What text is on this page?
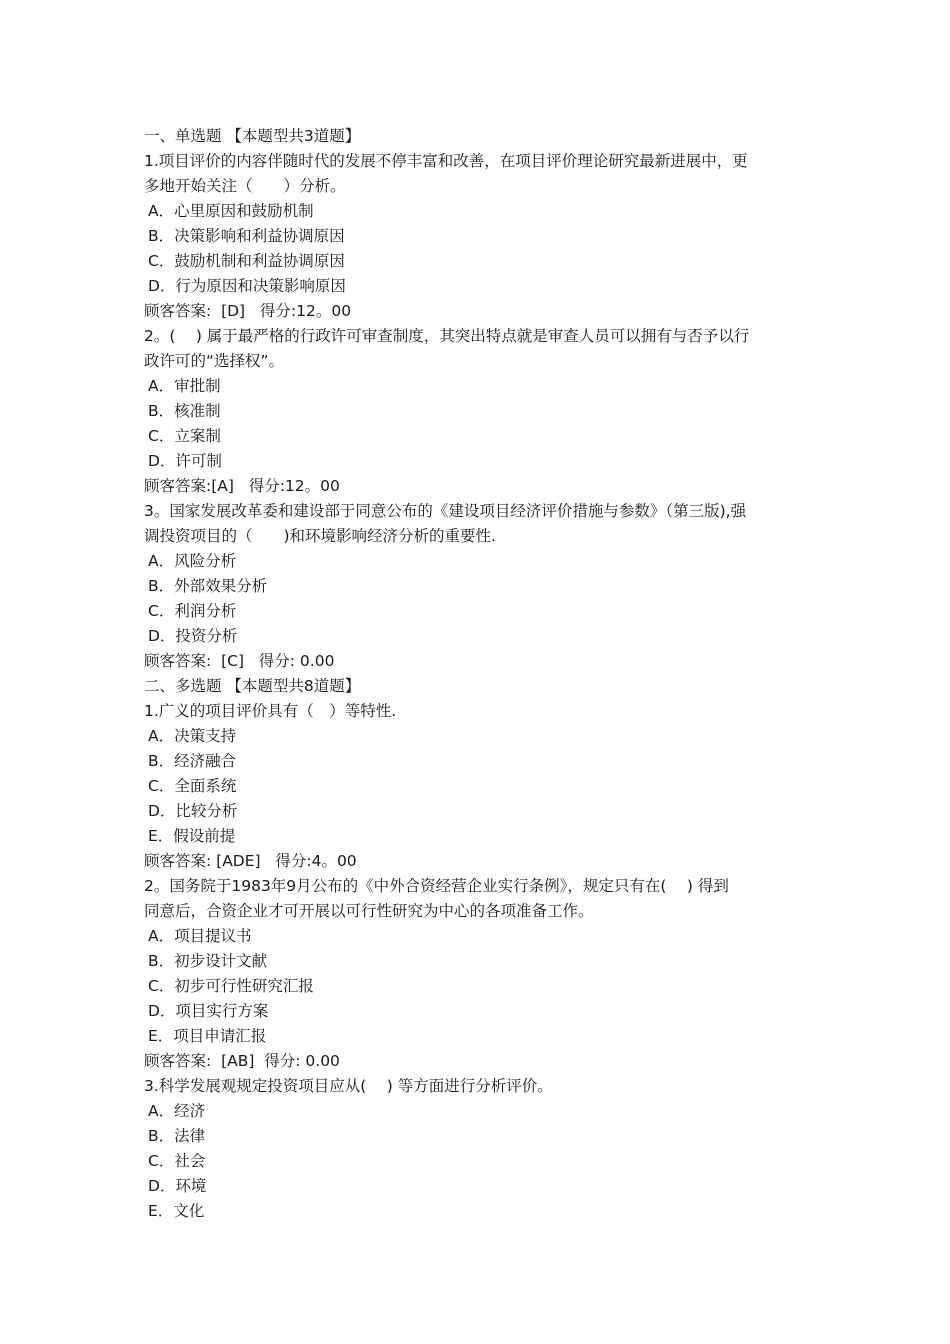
一、单选题 【本题型共3道题】
1.项目评价的内容伴随时代的发展不停丰富和改善，在项目评价理论研究最新进展中，更
多地开始关注（　　）分析。
A．心里原因和鼓励机制
B．决策影响和利益协调原因
C．鼓励机制和利益协调原因
D．行为原因和决策影响原因
顾客答案:  [D]   得分:12。00
2。(　 ) 属于最严格的行政许可审查制度，其突出特点就是审查人员可以拥有与否予以行
政许可的“选择权”。
A．审批制
B．核准制
C．立案制
D．许可制
顾客答案:[A]   得分:12。00
3。国家发展改革委和建设部于同意公布的《建设项目经济评价措施与参数》（第三版),强
调投资项目的（　　)和环境影响经济分析的重要性.
A．风险分析
B．外部效果分析
C．利润分析
D．投资分析
顾客答案:  [C]   得分: 0.00
二、多选题 【本题型共8道题】
1.广义的项目评价具有（　）等特性.
A．决策支持
B．经济融合
C．全面系统
D．比较分析
E．假设前提
顾客答案: [ADE]   得分:4。00
2。国务院于1983年9月公布的《中外合资经营企业实行条例》，规定只有在(　 ) 得到
同意后，合资企业才可开展以可行性研究为中心的各项准备工作。
A．项目提议书
B．初步设计文献
C．初步可行性研究汇报
D．项目实行方案
E．项目申请汇报
顾客答案:  [AB]  得分: 0.00
3.科学发展观规定投资项目应从(　 ) 等方面进行分析评价。
A．经济
B．法律
C．社会
D．环境
E．文化
